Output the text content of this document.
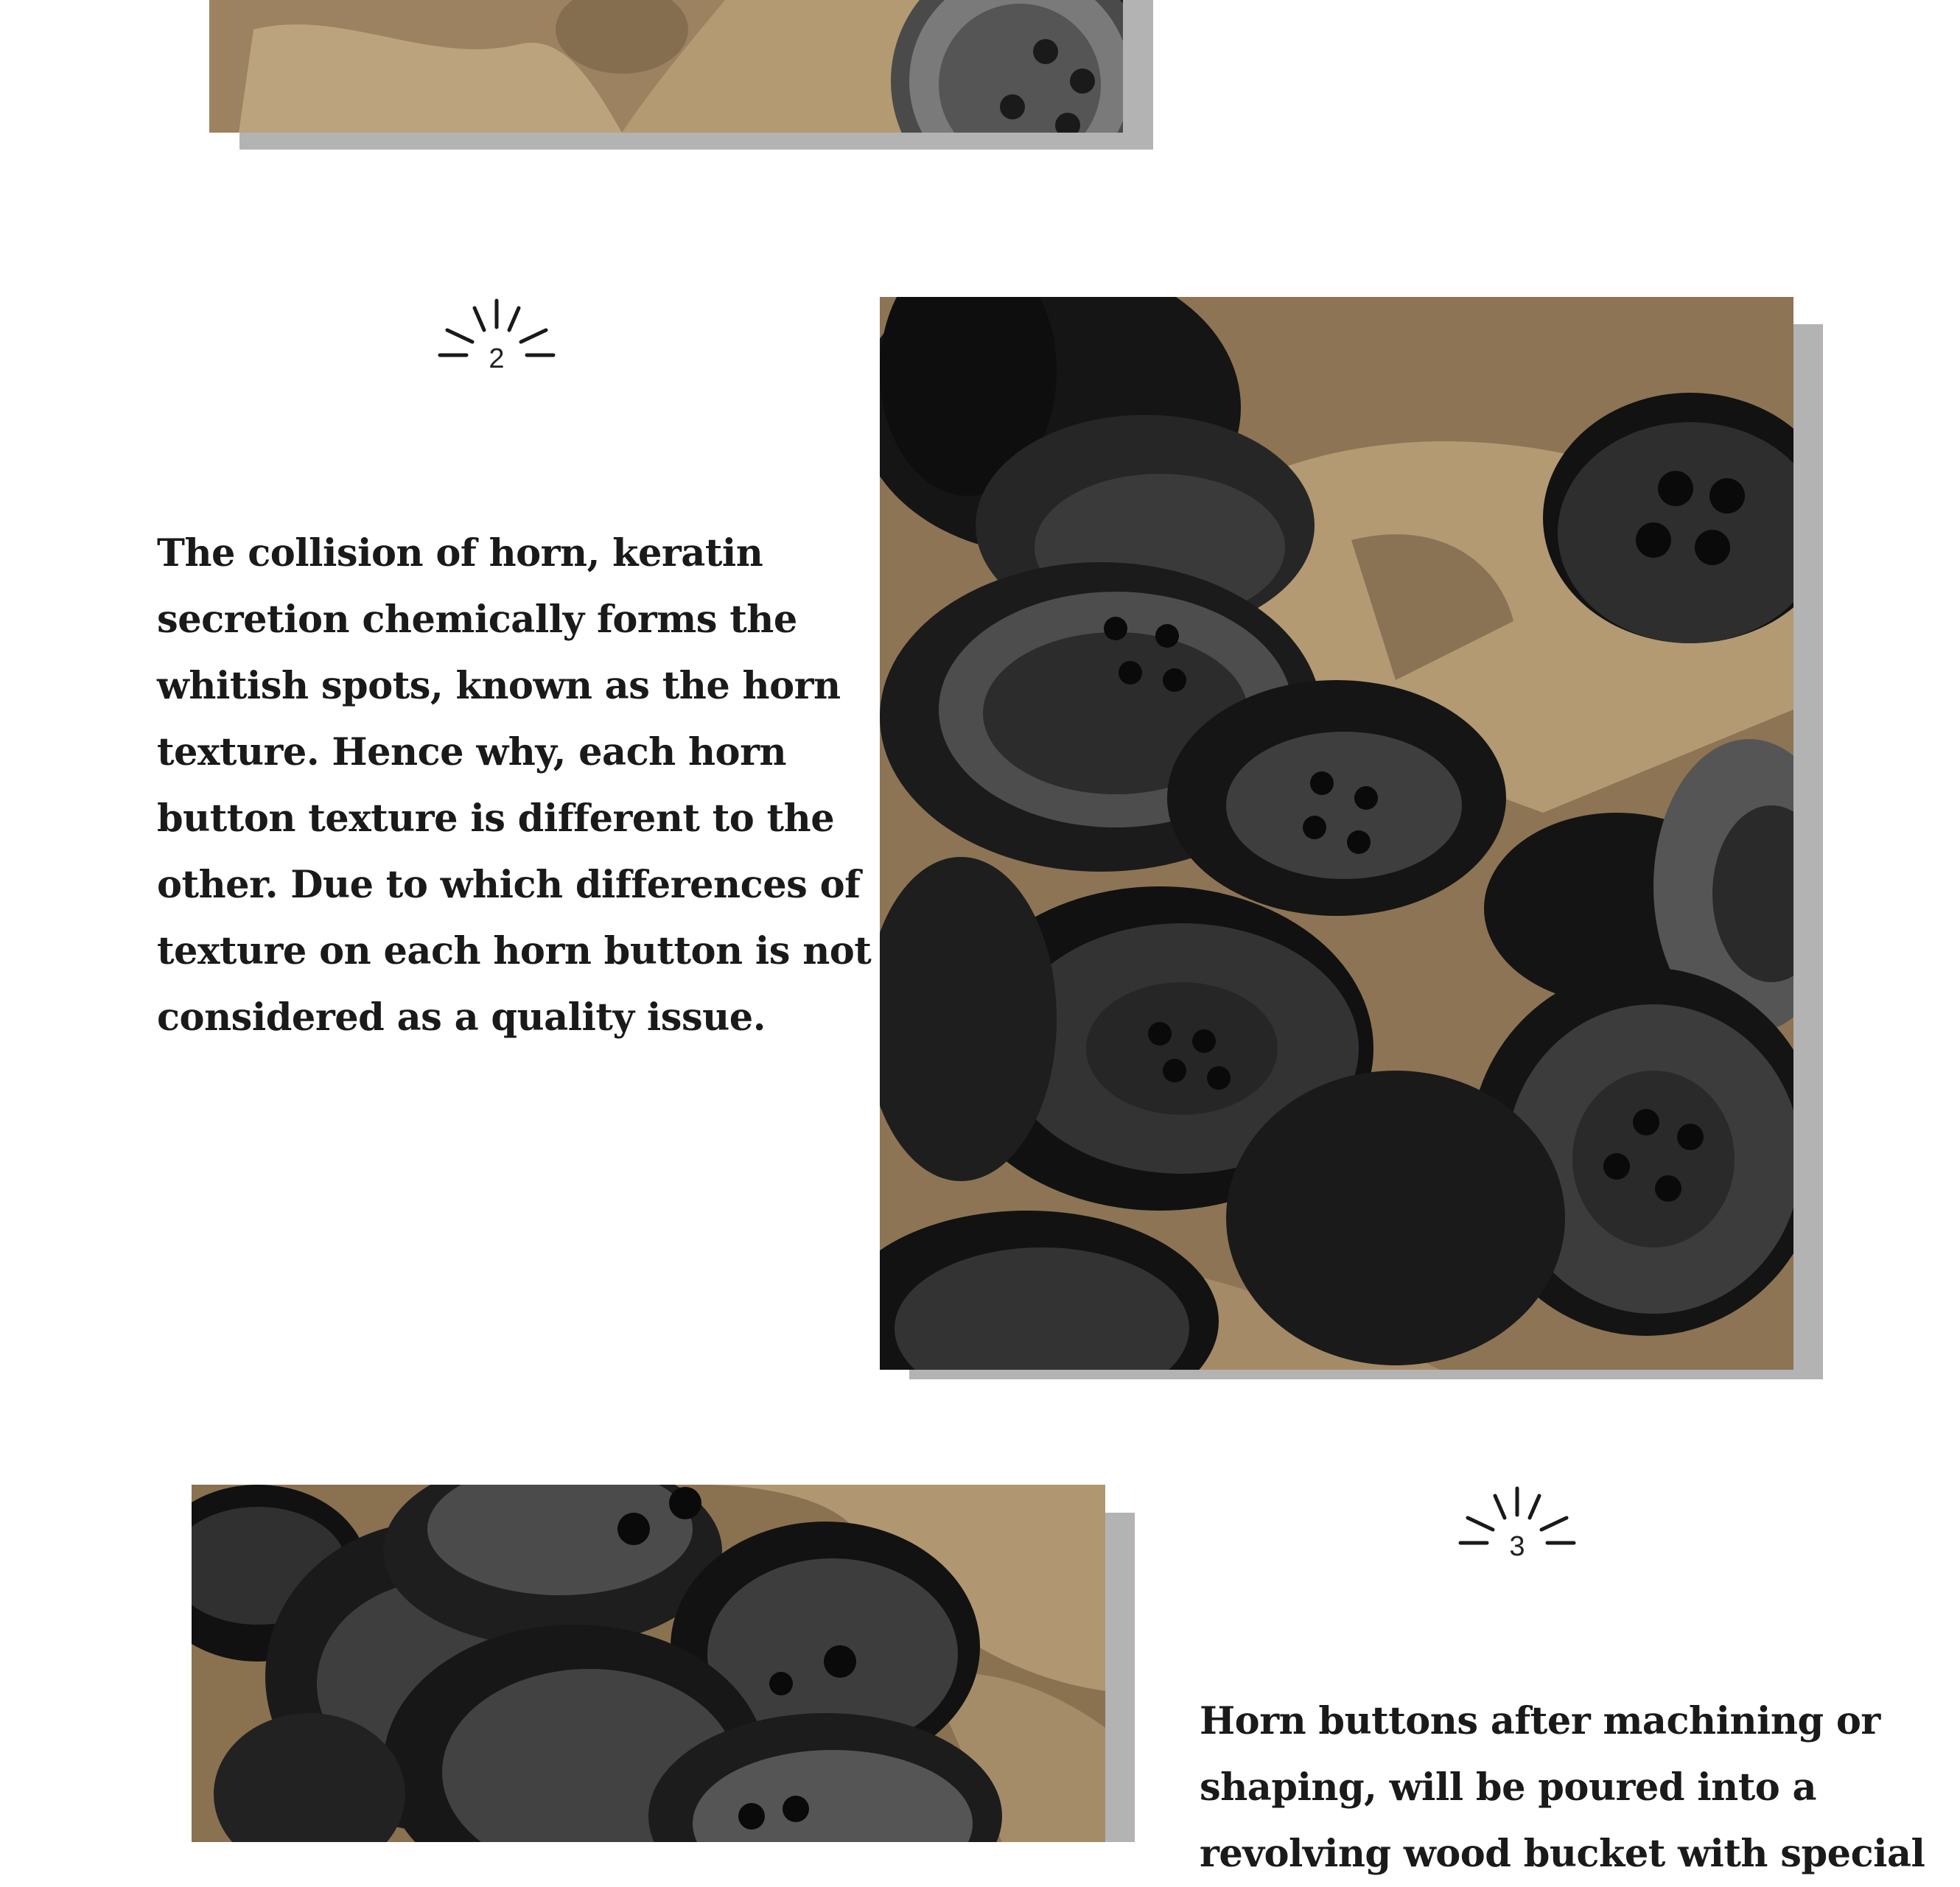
2

The collision of horn, keratin secretion chemically forms the whitish spots, known as the horn texture. Hence why, each horn button texture is different to the other. Due to which differences of texture on each horn button is not considered as a quality issue.

3

Horn buttons after machining or shaping, will be poured into a revolving wood bucket with special
